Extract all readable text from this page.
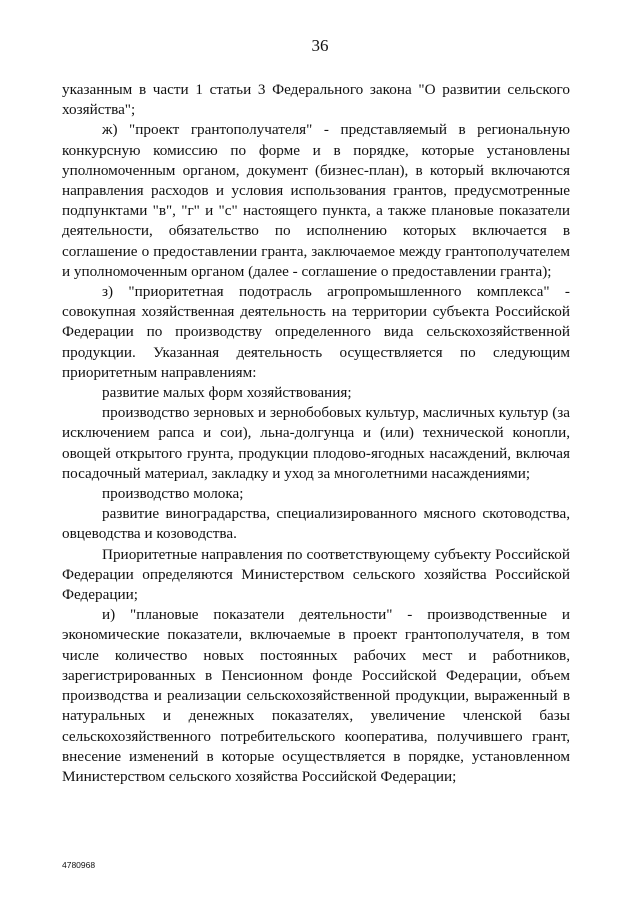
36

указанным в части 1 статьи 3 Федерального закона "О развитии сельского хозяйства";

ж) "проект грантополучателя" - представляемый в региональную конкурсную комиссию по форме и в порядке, которые установлены уполномоченным органом, документ (бизнес-план), в который включаются направления расходов и условия использования грантов, предусмотренные подпунктами "в", "г" и "с" настоящего пункта, а также плановые показатели деятельности, обязательство по исполнению которых включается в соглашение о предоставлении гранта, заключаемое между грантополучателем и уполномоченным органом (далее - соглашение о предоставлении гранта);

з) "приоритетная подотрасль агропромышленного комплекса" - совокупная хозяйственная деятельность на территории субъекта Российской Федерации по производству определенного вида сельскохозяйственной продукции. Указанная деятельность осуществляется по следующим приоритетным направлениям:

развитие малых форм хозяйствования;

производство зерновых и зернобобовых культур, масличных культур (за исключением рапса и сои), льна-долгунца и (или) технической конопли, овощей открытого грунта, продукции плодово-ягодных насаждений, включая посадочный материал, закладку и уход за многолетними насаждениями;

производство молока;

развитие виноградарства, специализированного мясного скотоводства, овцеводства и козоводства.

Приоритетные направления по соответствующему субъекту Российской Федерации определяются Министерством сельского хозяйства Российской Федерации;

и) "плановые показатели деятельности" - производственные и экономические показатели, включаемые в проект грантополучателя, в том числе количество новых постоянных рабочих мест и работников, зарегистрированных в Пенсионном фонде Российской Федерации, объем производства и реализации сельскохозяйственной продукции, выраженный в натуральных и денежных показателях, увеличение членской базы сельскохозяйственного потребительского кооператива, получившего грант, внесение изменений в которые осуществляется в порядке, установленном Министерством сельского хозяйства Российской Федерации;

4780968
